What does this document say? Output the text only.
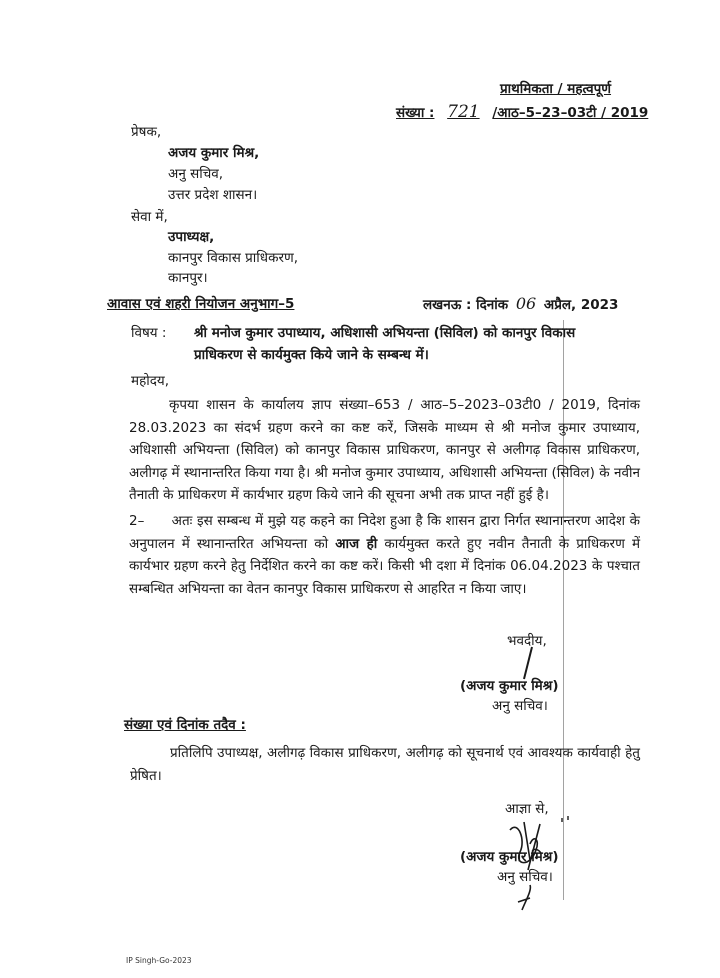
प्राथमिकता / महत्वपूर्ण
संख्या : 721 /आठ–5–23–03टी / 2019
प्रेषक,
अजय कुमार मिश्र,
अनु सचिव,
उत्तर प्रदेश शासन।
सेवा में,
उपाध्यक्ष,
कानपुर विकास प्राधिकरण,
कानपुर।
आवास एवं शहरी नियोजन अनुभाग–5	लखनऊ : दिनांक 06 अप्रैल, 2023
विषय : श्री मनोज कुमार उपाध्याय, अधिशासी अभियन्ता (सिविल) को कानपुर विकास
प्राधिकरण से कार्यमुक्त किये जाने के सम्बन्ध में।
महोदय,
कृपया शासन के कार्यालय ज्ञाप संख्या–653 / आठ–5–2023–03टी0 / 2019, दिनांक 28.03.2023 का संदर्भ ग्रहण करने का कष्ट करें, जिसके माध्यम से श्री मनोज कुमार उपाध्याय, अधिशासी अभियन्ता (सिविल) को कानपुर विकास प्राधिकरण, कानपुर से अलीगढ़ विकास प्राधिकरण, अलीगढ़ में स्थानान्तरित किया गया है। श्री मनोज कुमार उपाध्याय, अधिशासी अभियन्ता (सिविल) के नवीन तैनाती के प्राधिकरण में कार्यभार ग्रहण किये जाने की सूचना अभी तक प्राप्त नहीं हुई है।
2– अतः इस सम्बन्ध में मुझे यह कहने का निदेश हुआ है कि शासन द्वारा निर्गत स्थानान्तरण आदेश के अनुपालन में स्थानान्तरित अभियन्ता को आज ही कार्यमुक्त करते हुए नवीन तैनाती के प्राधिकरण में कार्यभार ग्रहण करने हेतु निर्देशित करने का कष्ट करें। किसी भी दशा में दिनांक 06.04.2023 के पश्चात सम्बन्धित अभियन्ता का वेतन कानपुर विकास प्राधिकरण से आहरित न किया जाए।
भवदीय,
(अजय कुमार मिश्र)
अनु सचिव।
संख्या एवं दिनांक तदैव :
प्रतिलिपि उपाध्यक्ष, अलीगढ़ विकास प्राधिकरण, अलीगढ़ को सूचनार्थ एवं आवश्यक कार्यवाही हेतु प्रेषित।
आज्ञा से,
(अजय कुमार मिश्र)
अनु सचिव।
IP Singh-Go-2023
